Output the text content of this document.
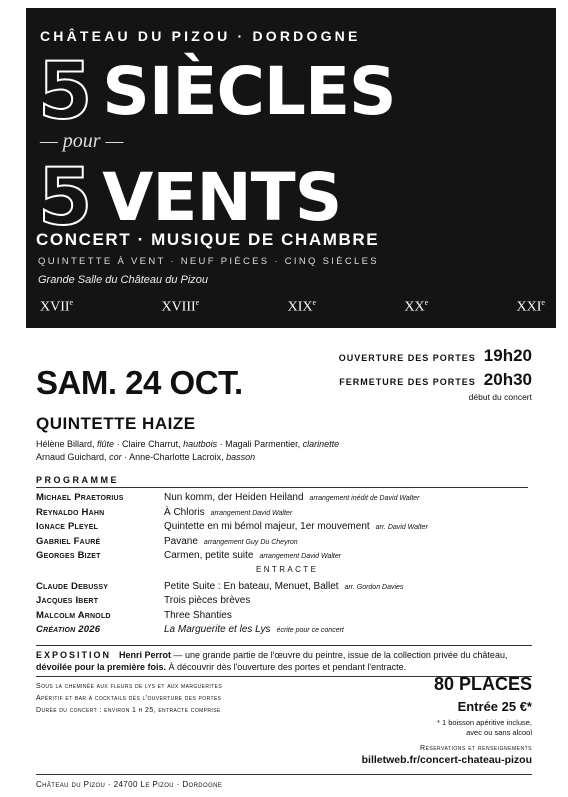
CHÂTEAU DU PIZOU · DORDOGNE
5 SIÈCLES
— pour —
5 VENTS
CONCERT · MUSIQUE DE CHAMBRE
QUINTETTE À VENT · NEUF PIÈCES · CINQ SIÈCLES
Grande Salle du Château du Pizou
XVIIe	XVIIIe	XIXe	XXe	XXIe
SAM. 24 OCT.
OUVERTURE DES PORTES 19h20
FERMETURE DES PORTES 20h30
début du concert
QUINTETTE HAIZE
Hélène Billard, flûte · Claire Charrut, hautbois · Magali Parmentier, clarinette
Arnaud Guichard, cor · Anne-Charlotte Lacroix, basson
PROGRAMME
Michael Praetorius	Nun komm, der Heiden Heiland arrangement inédit de David Walter
Reynaldo Hahn	À Chloris arrangement David Walter
Ignace Pleyel	Quintette en mi bémol majeur, 1er mouvement arr. David Walter
Gabriel Fauré	Pavane arrangement Guy Du Cheyron
Georges Bizet	Carmen, petite suite arrangement David Walter
ENTRACTE
Claude Debussy	Petite Suite : En bateau, Menuet, Ballet arr. Gordon Davies
Jacques Ibert	Trois pièces brèves
Malcolm Arnold	Three Shanties
Création 2026	La Marguerite et les Lys écrite pour ce concert
EXPOSITION Henri Perrot — une grande partie de l'œuvre du peintre, issue de la collection privée du château, dévoilée pour la première fois. À découvrir dès l'ouverture des portes et pendant l'entracte.
Sous la cheminée aux fleurs de lys et aux marguerites
Apéritif et bar à cocktails dès l'ouverture des portes
Durée du concert : environ 1 h 25, entracte comprise
80 PLACES
Entrée 25 €*
* 1 boisson apéritive incluse,
avec ou sans alcool
Réservations et renseignements
billetweb.fr/concert-chateau-pizou
Château du Pizou · 24700 Le Pizou · Dordogne
